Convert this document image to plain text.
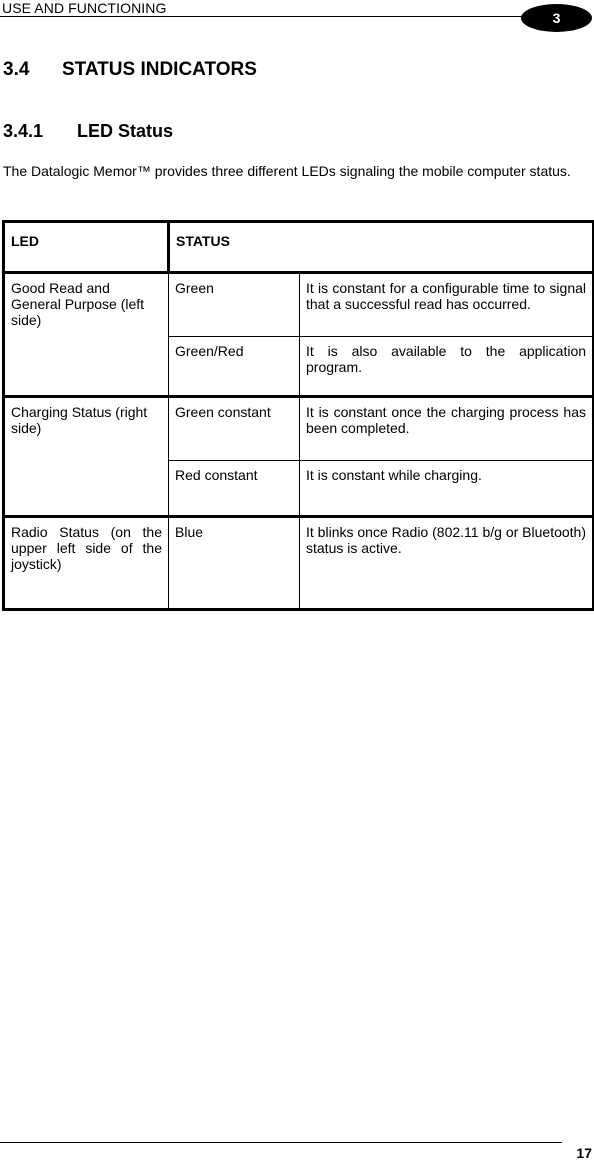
USE AND FUNCTIONING
3
3.4	STATUS INDICATORS
3.4.1	LED Status
The Datalogic Memor™ provides three different LEDs signaling the mobile computer status.
LED	STATUS	
Good Read and General Purpose (left side)	Green	It is constant for a configurable time to signal that a successful read has occurred.
	Green/Red	It is also available to the application program.
Charging Status (right side)	Green constant	It is constant once the charging process has been completed.
	Red constant	It is constant while charging.
Radio Status (on the upper left side of the joystick)	Blue	It blinks once Radio (802.11 b/g or Bluetooth) status is active.
17
